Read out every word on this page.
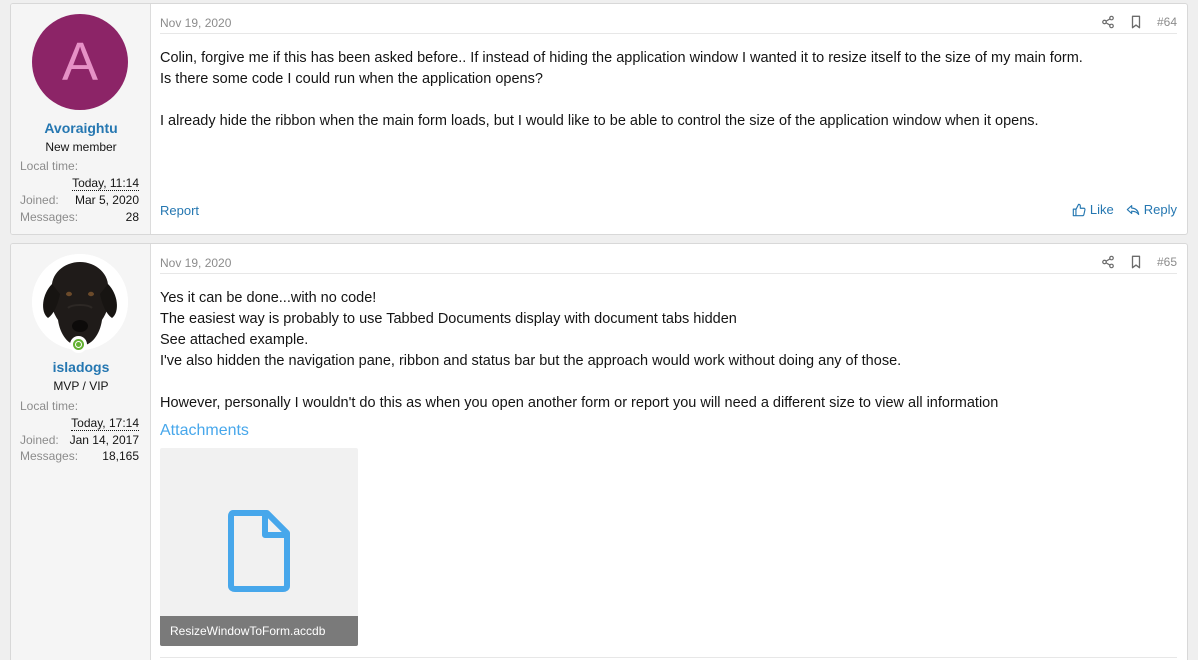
A
Avoraightu
New member
Local time:
Today, 11:14
Joined: Mar 5, 2020
Messages:	28
Nov 19, 2020	#64

Colin, forgive me if this has been asked before.. If instead of hiding the application window I wanted it to resize itself to the size of my main form.

Is there some code I could run when the application opens?

I already hide the ribbon when the main form loads, but I would like to be able to control the size of the application window when it opens.

Report	Like Reply
isladogs
MVP / VIP
Local time:
Today, 17:14
Joined: Jan 14, 2017
Messages: 18,165
Nov 19, 2020	#65

Yes it can be done...with no code!

The easiest way is probably to use Tabbed Documents display with document tabs hidden

See attached example.

I've also hidden the navigation pane, ribbon and status bar but the approach would work without doing any of those.

However, personally I wouldn't do this as when you open another form or report you will need a different size to view all information

Attachments
ResizeWindowToForm.accdb
